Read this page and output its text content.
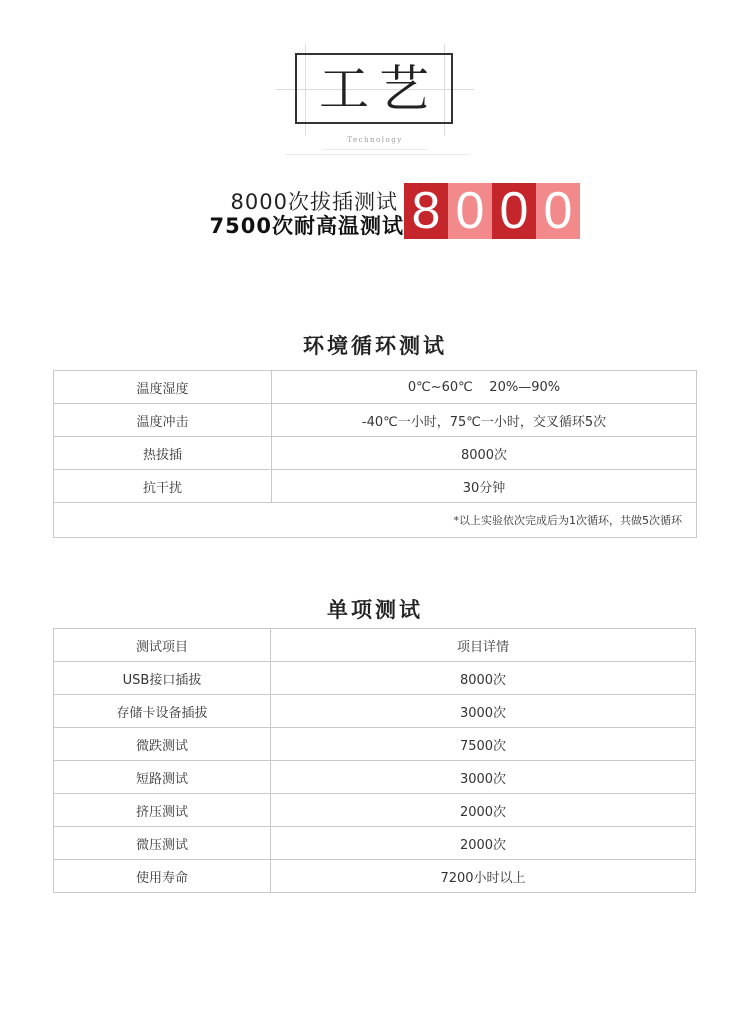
工艺
Technology
8000次拔插测试
7500次耐高温测试 8 0 0 0
环境循环测试
温度湿度	0℃~60℃    20%—90%
温度冲击	-40℃一小时，75℃一小时，交叉循环5次
热拔插	8000次
抗干扰	30分钟
*以上实验依次完成后为1次循环，共做5次循环	
单项测试
测试项目	项目详情
USB接口插拔	8000次
存储卡设备插拔	3000次
微跌测试	7500次
短路测试	3000次
挤压测试	2000次
微压测试	2000次
使用寿命	7200小时以上
